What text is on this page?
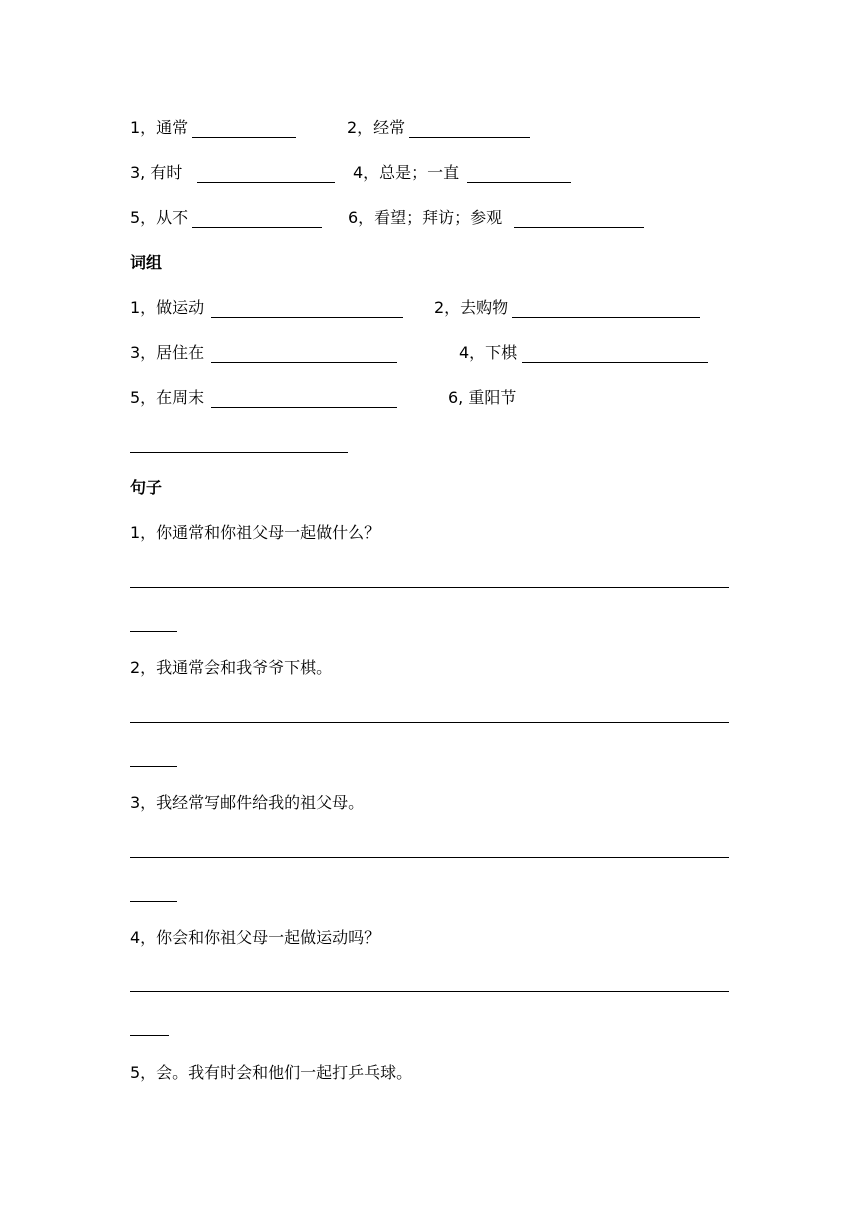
1，通常	2，经常
3, 有时	4，总是；一直
5，从不	6，看望；拜访；参观
词组
1，做运动	2，去购物
3，居住在	4，下棋
5，在周末	6, 重阳节
句子
1，你通常和你祖父母一起做什么？
2，我通常会和我爷爷下棋。
3，我经常写邮件给我的祖父母。
4，你会和你祖父母一起做运动吗？
5，会。我有时会和他们一起打乒乓球。
